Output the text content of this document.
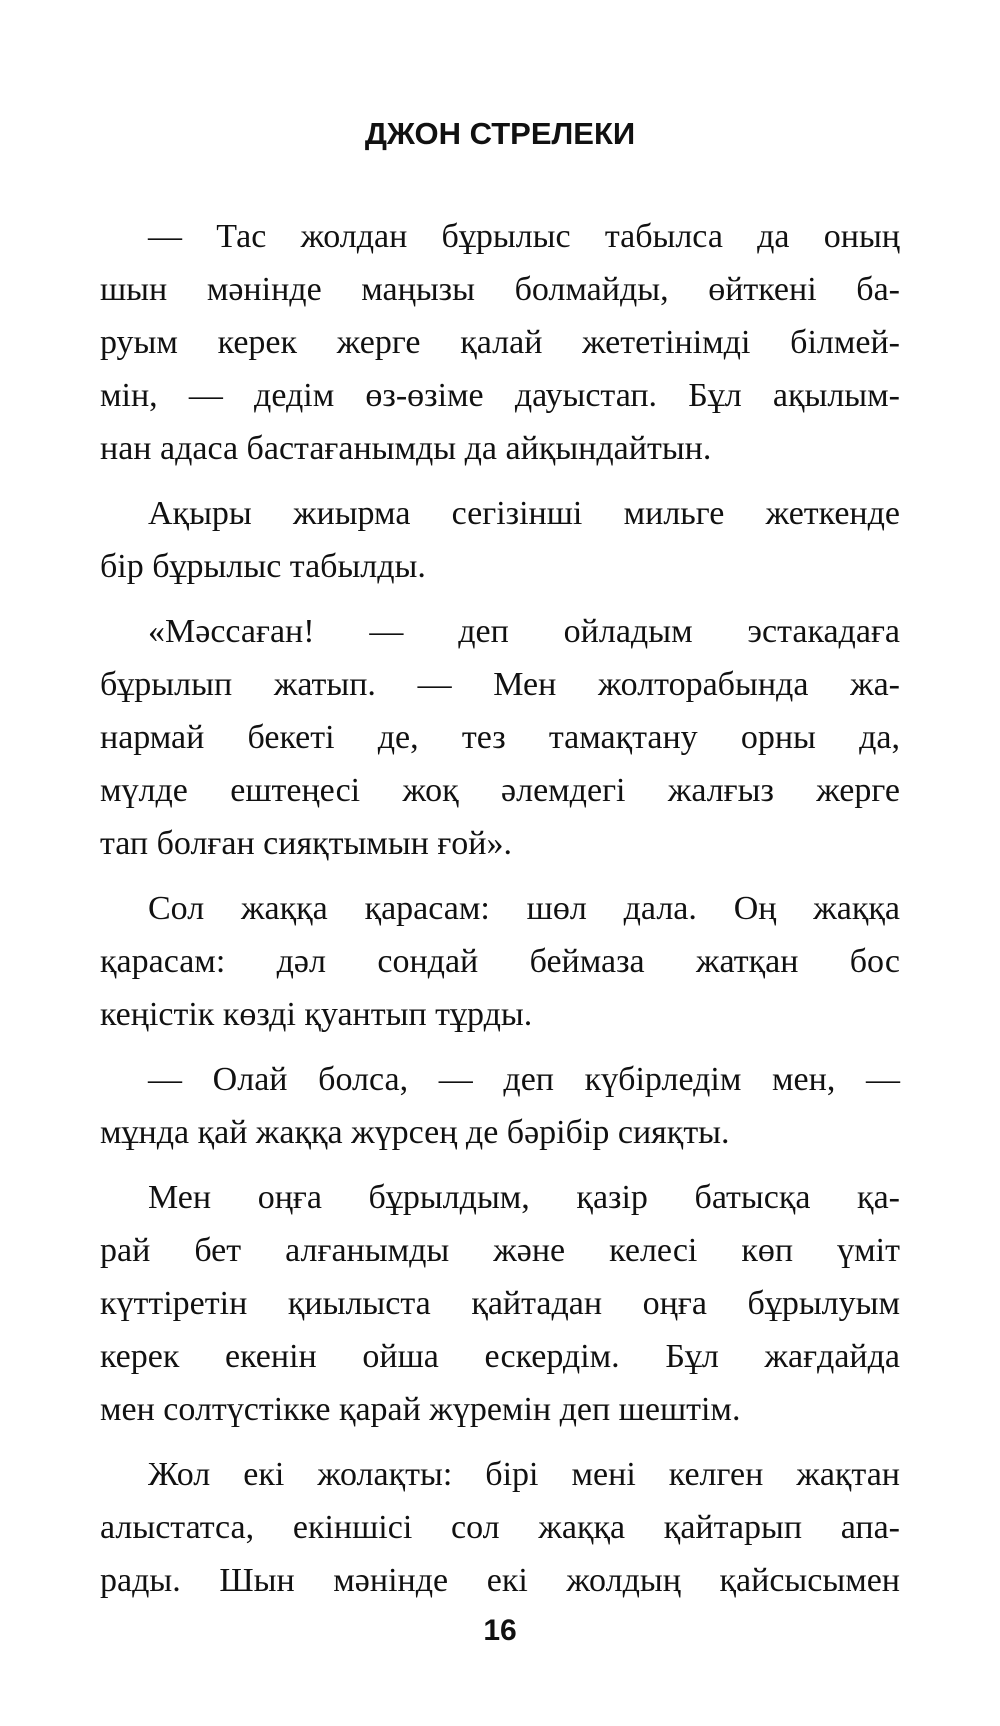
ДЖОН СТРЕЛЕКИ
— Тас жолдан бұрылыс табылса да оның
шын мәнінде маңызы болмайды, өйткені ба-
руым керек жерге қалай жететінімді білмей-
мін, — дедім өз-өзіме дауыстап. Бұл ақылым-
нан адаса бастағанымды да айқындайтын.
Ақыры жиырма сегізінші мильге жеткенде
бір бұрылыс табылды.
«Мәссаған! — деп ойладым эстакадаға
бұрылып жатып. — Мен жолторабында жа-
нармай бекеті де, тез тамақтану орны да,
мүлде ештеңесі жоқ әлемдегі жалғыз жерге
тап болған сияқтымын ғой».
Сол жаққа қарасам: шөл дала. Оң жаққа
қарасам: дәл сондай беймаза жатқан бос
кеңістік көзді қуантып тұрды.
— Олай болса, — деп күбірледім мен, —
мұнда қай жаққа жүрсең де бәрібір сияқты.
Мен оңға бұрылдым, қазір батысқа қа-
рай бет алғанымды және келесі көп үміт
күттіретін қиылыста қайтадан оңға бұрылуым
керек екенін ойша ескердім. Бұл жағдайда
мен солтүстікке қарай жүремін деп шештім.
Жол екі жолақты: бірі мені келген жақтан
алыстатса, екіншісі сол жаққа қайтарып апа-
рады. Шын мәнінде екі жолдың қайсысымен
16
